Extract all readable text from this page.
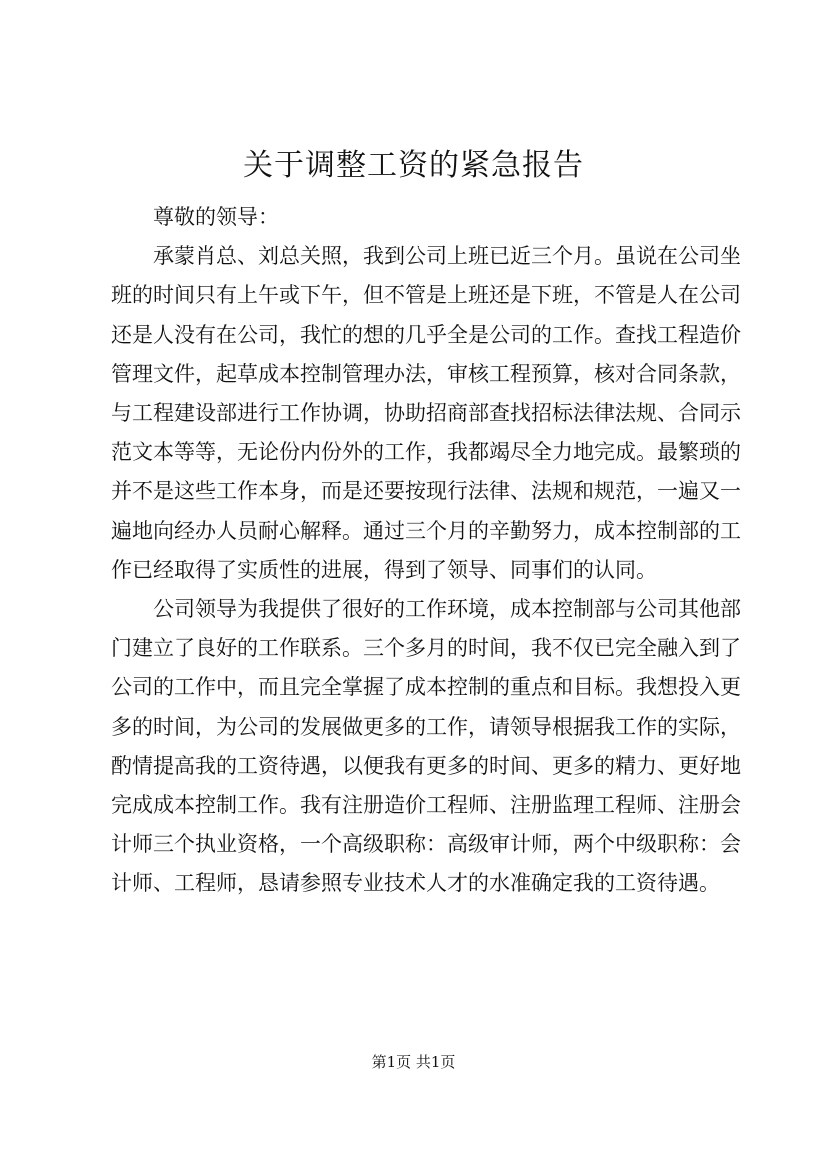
关于调整工资的紧急报告

尊敬的领导：

承蒙肖总、刘总关照，我到公司上班已近三个月。虽说在公司坐班的时间只有上午或下午，但不管是上班还是下班，不管是人在公司还是人没有在公司，我忙的想的几乎全是公司的工作。查找工程造价管理文件，起草成本控制管理办法，审核工程预算，核对合同条款，与工程建设部进行工作协调，协助招商部查找招标法律法规、合同示范文本等等，无论份内份外的工作，我都竭尽全力地完成。最繁琐的并不是这些工作本身，而是还要按现行法律、法规和规范，一遍又一遍地向经办人员耐心解释。通过三个月的辛勤努力，成本控制部的工作已经取得了实质性的进展，得到了领导、同事们的认同。

公司领导为我提供了很好的工作环境，成本控制部与公司其他部门建立了良好的工作联系。三个多月的时间，我不仅已完全融入到了公司的工作中，而且完全掌握了成本控制的重点和目标。我想投入更多的时间，为公司的发展做更多的工作，请领导根据我工作的实际，酌情提高我的工资待遇，以便我有更多的时间、更多的精力、更好地完成成本控制工作。我有注册造价工程师、注册监理工程师、注册会计师三个执业资格，一个高级职称：高级审计师，两个中级职称：会计师、工程师，恳请参照专业技术人才的水准确定我的工资待遇。

第1页 共1页
